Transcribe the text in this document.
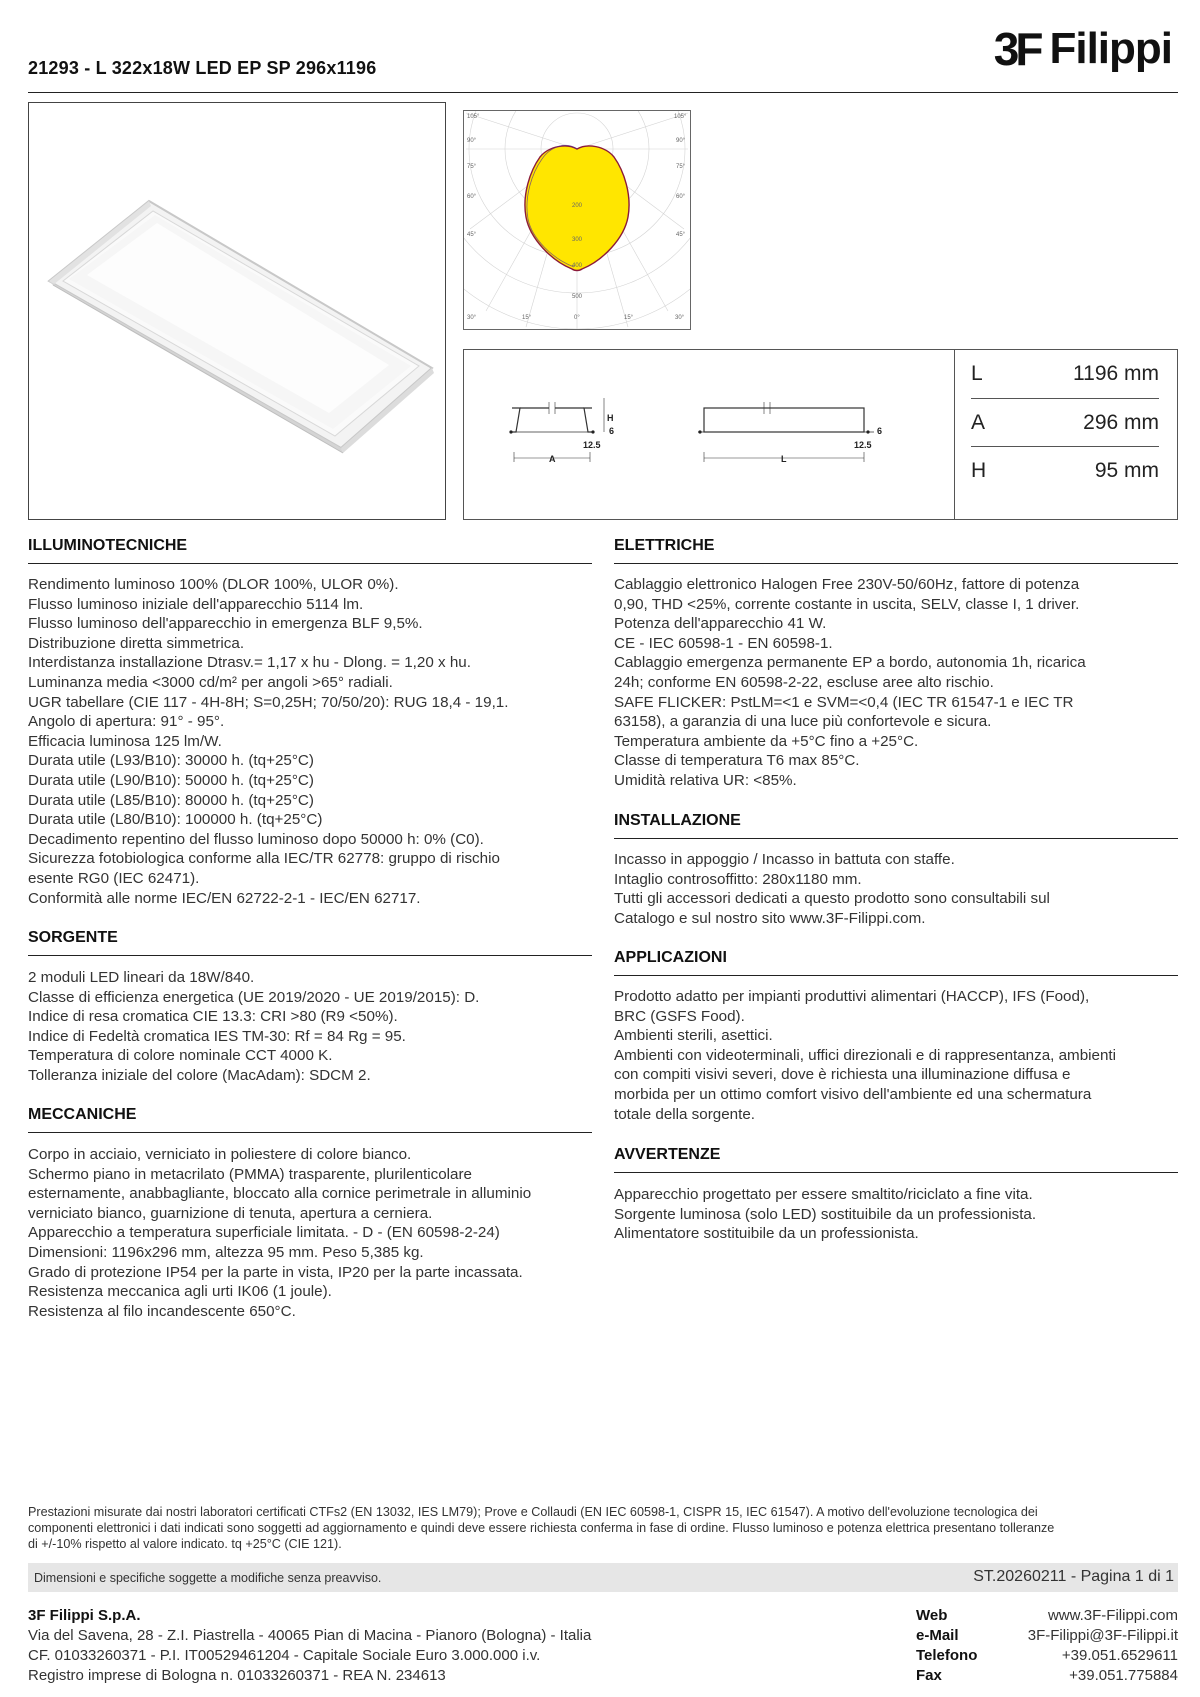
21293 - L 322x18W LED EP SP 296x1196	3F Filippi
105°
90°
75°
60°
45°
105°
90°
75°
60°
45°
30°	15°	0°	15°	30°
200
300
400
500
H
6
12.5
A
6
12.5
L
L	1196 mm
A	296 mm
H	95 mm
ILLUMINOTECNICHE
Rendimento luminoso 100% (DLOR 100%, ULOR 0%).
Flusso luminoso iniziale dell'apparecchio 5114 lm.
Flusso luminoso dell'apparecchio in emergenza BLF 9,5%.
Distribuzione diretta simmetrica.
Interdistanza installazione Dtrasv.= 1,17 x hu - Dlong. = 1,20 x hu.
Luminanza media <3000 cd/m² per angoli >65° radiali.
UGR tabellare (CIE 117 - 4H-8H; S=0,25H; 70/50/20): RUG 18,4 - 19,1.
Angolo di apertura: 91° - 95°.
Efficacia luminosa 125 lm/W.
Durata utile (L93/B10): 30000 h. (tq+25°C)
Durata utile (L90/B10): 50000 h. (tq+25°C)
Durata utile (L85/B10): 80000 h. (tq+25°C)
Durata utile (L80/B10): 100000 h. (tq+25°C)
Decadimento repentino del flusso luminoso dopo 50000 h: 0% (C0).
Sicurezza fotobiologica conforme alla IEC/TR 62778: gruppo di rischio
esente RG0 (IEC 62471).
Conformità alle norme IEC/EN 62722-2-1 - IEC/EN 62717.
SORGENTE
2 moduli LED lineari da 18W/840.
Classe di efficienza energetica (UE 2019/2020 - UE 2019/2015): D.
Indice di resa cromatica CIE 13.3: CRI >80 (R9 <50%).
Indice di Fedeltà cromatica IES TM-30: Rf = 84 Rg = 95.
Temperatura di colore nominale CCT 4000 K.
Tolleranza iniziale del colore (MacAdam): SDCM 2.
MECCANICHE
Corpo in acciaio, verniciato in poliestere di colore bianco.
Schermo piano in metacrilato (PMMA) trasparente, plurilenticolare
esternamente, anabbagliante, bloccato alla cornice perimetrale in alluminio
verniciato bianco, guarnizione di tenuta, apertura a cerniera.
Apparecchio a temperatura superficiale limitata. - D - (EN 60598-2-24)
Dimensioni: 1196x296 mm, altezza 95 mm. Peso 5,385 kg.
Grado di protezione IP54 per la parte in vista, IP20 per la parte incassata.
Resistenza meccanica agli urti IK06 (1 joule).
Resistenza al filo incandescente 650°C.
ELETTRICHE
Cablaggio elettronico Halogen Free 230V-50/60Hz, fattore di potenza
0,90, THD <25%, corrente costante in uscita, SELV, classe I, 1 driver.
Potenza dell'apparecchio 41 W.
CE - IEC 60598-1 - EN 60598-1.
Cablaggio emergenza permanente EP a bordo, autonomia 1h, ricarica
24h; conforme EN 60598-2-22, escluse aree alto rischio.
SAFE FLICKER: PstLM=<1 e SVM=<0,4 (IEC TR 61547-1 e IEC TR
63158), a garanzia di una luce più confortevole e sicura.
Temperatura ambiente da +5°C fino a +25°C.
Classe di temperatura T6 max 85°C.
Umidità relativa UR: <85%.
INSTALLAZIONE
Incasso in appoggio / Incasso in battuta con staffe.
Intaglio controsoffitto: 280x1180 mm.
Tutti gli accessori dedicati a questo prodotto sono consultabili sul
Catalogo e sul nostro sito www.3F-Filippi.com.
APPLICAZIONI
Prodotto adatto per impianti produttivi alimentari (HACCP), IFS (Food),
BRC (GSFS Food).
Ambienti sterili, asettici.
Ambienti con videoterminali, uffici direzionali e di rappresentanza, ambienti
con compiti visivi severi, dove è richiesta una illuminazione diffusa e
morbida per un ottimo comfort visivo dell'ambiente ed una schermatura
totale della sorgente.
AVVERTENZE
Apparecchio progettato per essere smaltito/riciclato a fine vita.
Sorgente luminosa (solo LED) sostituibile da un professionista.
Alimentatore sostituibile da un professionista.
Prestazioni misurate dai nostri laboratori certificati CTFs2 (EN 13032, IES LM79); Prove e Collaudi (EN IEC 60598-1, CISPR 15, IEC 61547). A motivo dell'evoluzione tecnologica dei
componenti elettronici i dati indicati sono soggetti ad aggiornamento e quindi deve essere richiesta conferma in fase di ordine. Flusso luminoso e potenza elettrica presentano tolleranze
di +/-10% rispetto al valore indicato. tq +25°C (CIE 121).
Dimensioni e specifiche soggette a modifiche senza preavviso.	ST.20260211 - Pagina 1 di 1
3F Filippi S.p.A.
Via del Savena, 28 - Z.I. Piastrella - 40065 Pian di Macina - Pianoro (Bologna) - Italia
CF. 01033260371 - P.I. IT00529461204 - Capitale Sociale Euro 3.000.000 i.v.
Registro imprese di Bologna n. 01033260371 - REA N. 234613
Web	www.3F-Filippi.com
e-Mail	3F-Filippi@3F-Filippi.it
Telefono	+39.051.6529611
Fax	+39.051.775884
